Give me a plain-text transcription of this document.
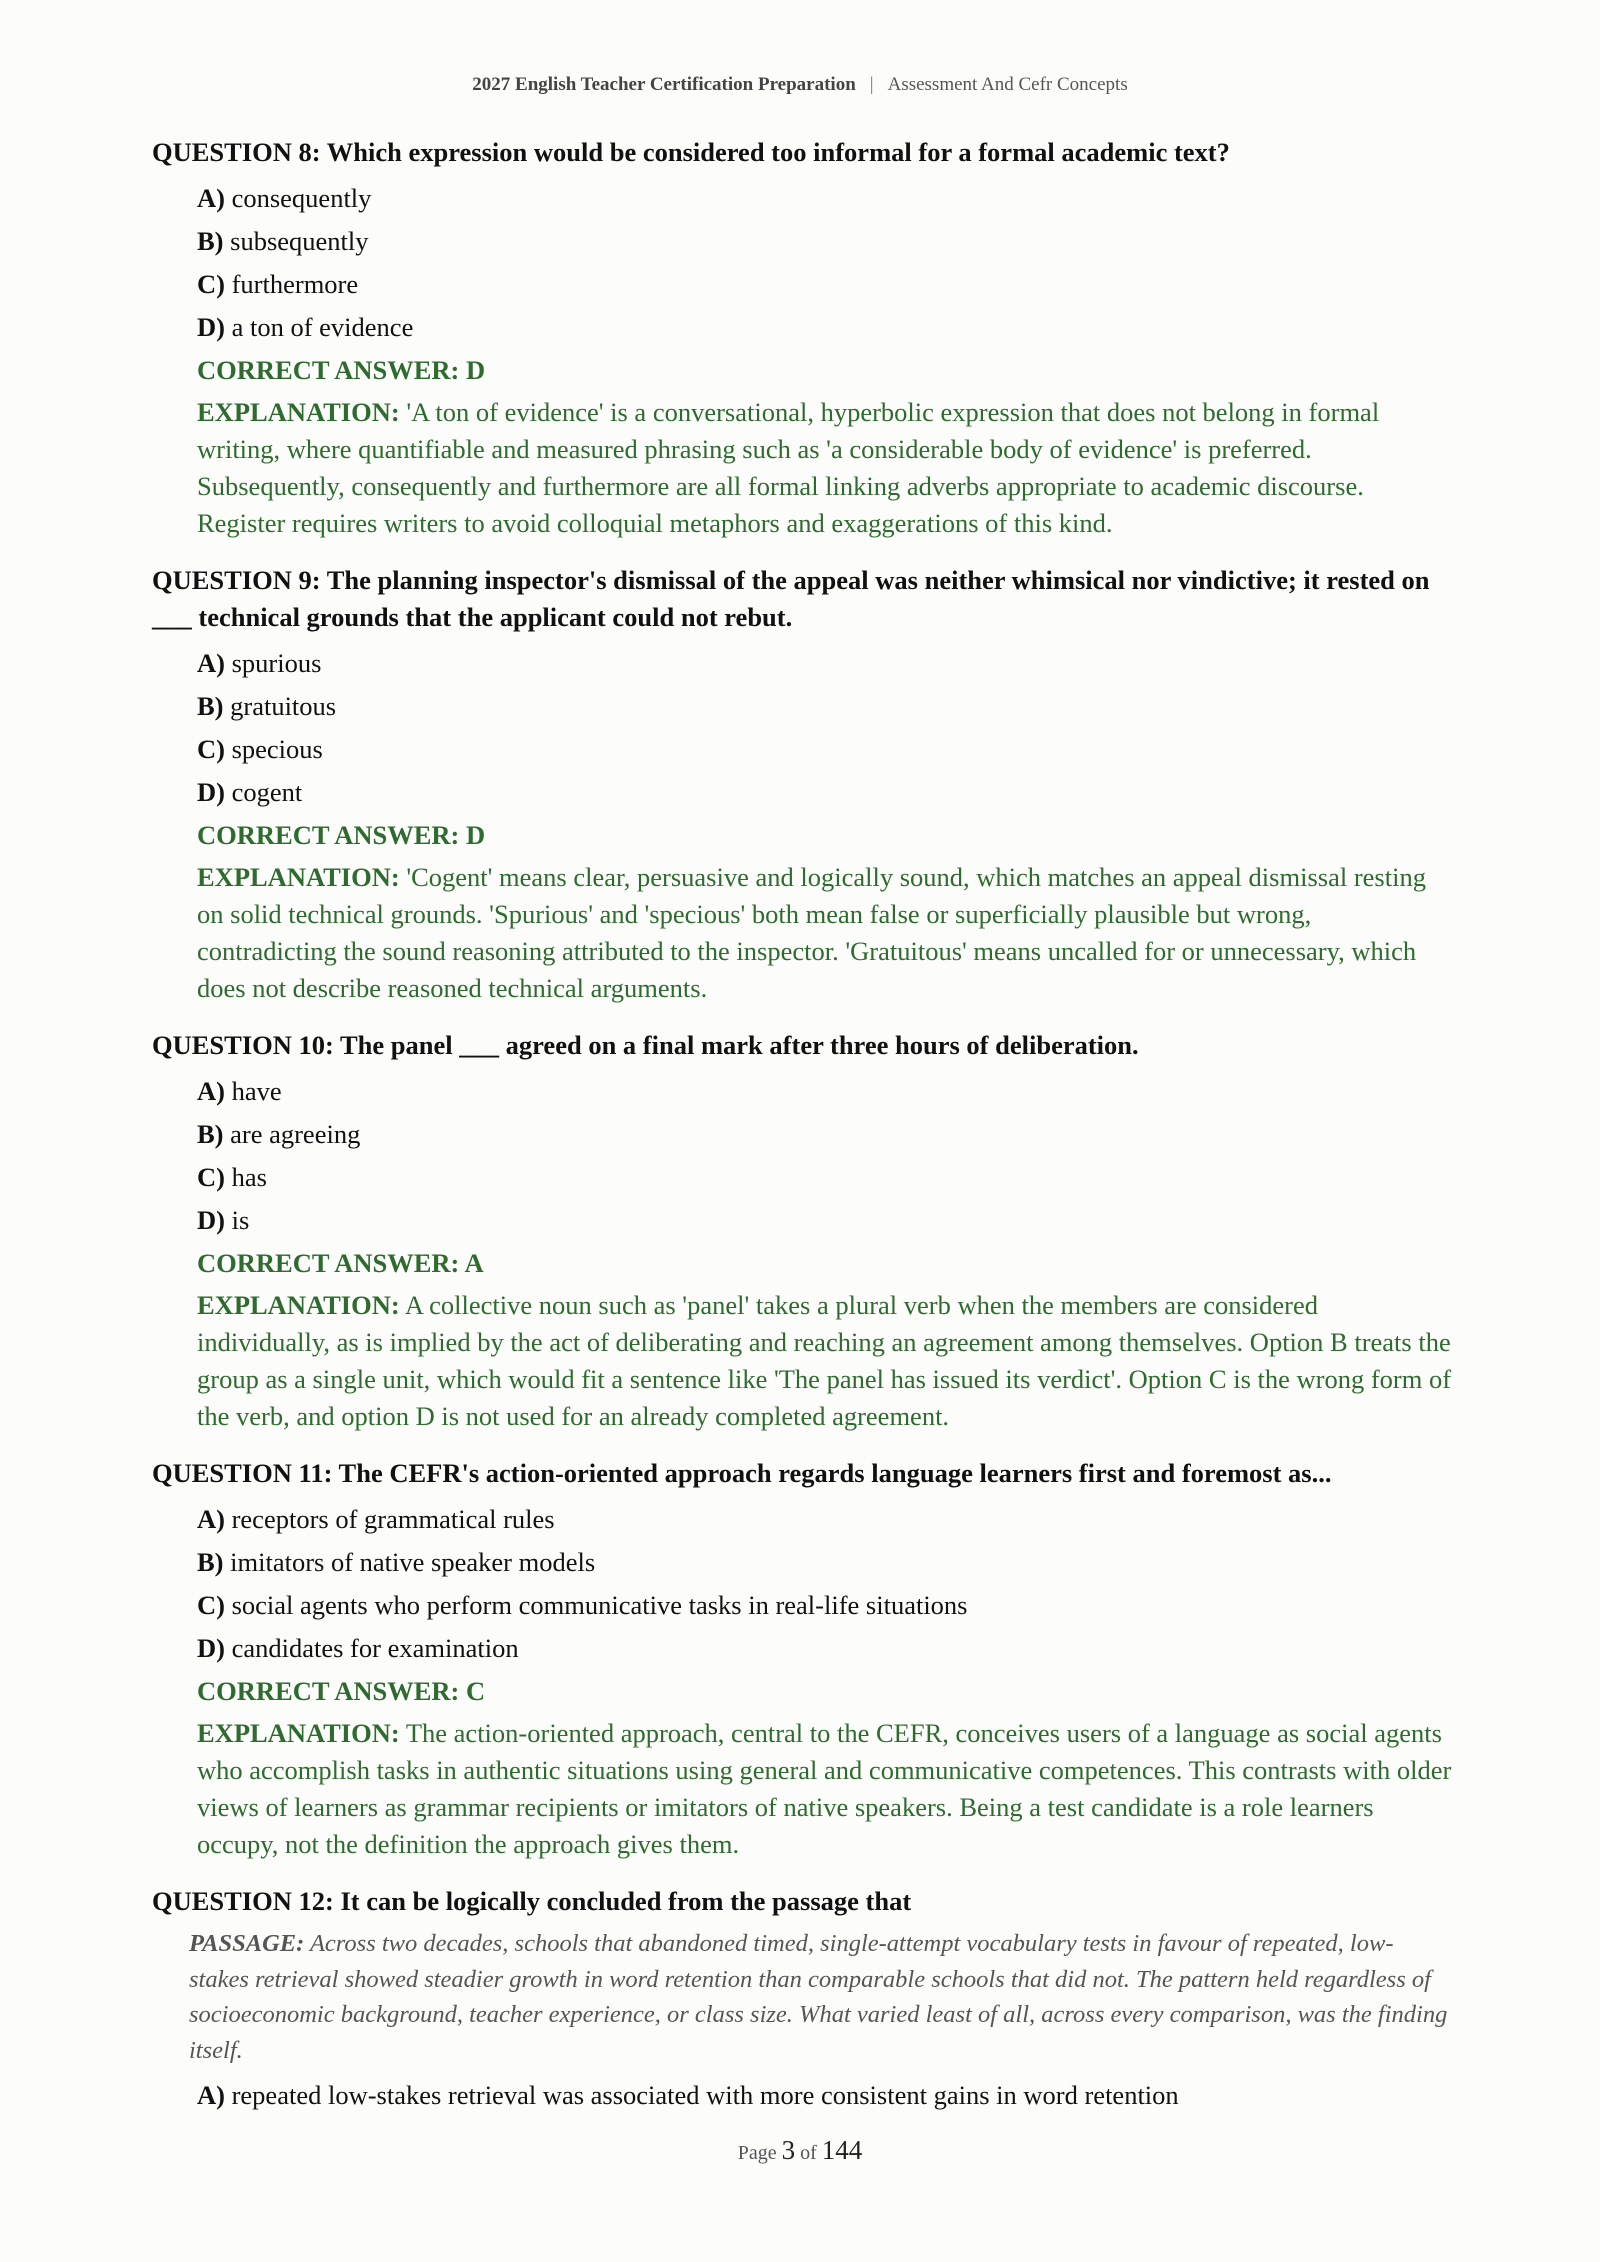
2027 English Teacher Certification Preparation | Assessment And Cefr Concepts
QUESTION 8: Which expression would be considered too informal for a formal academic text?
A) consequently
B) subsequently
C) furthermore
D) a ton of evidence
CORRECT ANSWER: D
EXPLANATION: 'A ton of evidence' is a conversational, hyperbolic expression that does not belong in formal writing, where quantifiable and measured phrasing such as 'a considerable body of evidence' is preferred. Subsequently, consequently and furthermore are all formal linking adverbs appropriate to academic discourse. Register requires writers to avoid colloquial metaphors and exaggerations of this kind.
QUESTION 9: The planning inspector's dismissal of the appeal was neither whimsical nor vindictive; it rested on ___ technical grounds that the applicant could not rebut.
A) spurious
B) gratuitous
C) specious
D) cogent
CORRECT ANSWER: D
EXPLANATION: 'Cogent' means clear, persuasive and logically sound, which matches an appeal dismissal resting on solid technical grounds. 'Spurious' and 'specious' both mean false or superficially plausible but wrong, contradicting the sound reasoning attributed to the inspector. 'Gratuitous' means uncalled for or unnecessary, which does not describe reasoned technical arguments.
QUESTION 10: The panel ___ agreed on a final mark after three hours of deliberation.
A) have
B) are agreeing
C) has
D) is
CORRECT ANSWER: A
EXPLANATION: A collective noun such as 'panel' takes a plural verb when the members are considered individually, as is implied by the act of deliberating and reaching an agreement among themselves. Option B treats the group as a single unit, which would fit a sentence like 'The panel has issued its verdict'. Option C is the wrong form of the verb, and option D is not used for an already completed agreement.
QUESTION 11: The CEFR's action-oriented approach regards language learners first and foremost as...
A) receptors of grammatical rules
B) imitators of native speaker models
C) social agents who perform communicative tasks in real-life situations
D) candidates for examination
CORRECT ANSWER: C
EXPLANATION: The action-oriented approach, central to the CEFR, conceives users of a language as social agents who accomplish tasks in authentic situations using general and communicative competences. This contrasts with older views of learners as grammar recipients or imitators of native speakers. Being a test candidate is a role learners occupy, not the definition the approach gives them.
QUESTION 12: It can be logically concluded from the passage that
PASSAGE: Across two decades, schools that abandoned timed, single-attempt vocabulary tests in favour of repeated, low-stakes retrieval showed steadier growth in word retention than comparable schools that did not. The pattern held regardless of socioeconomic background, teacher experience, or class size. What varied least of all, across every comparison, was the finding itself.
A) repeated low-stakes retrieval was associated with more consistent gains in word retention
Page 3 of 144
